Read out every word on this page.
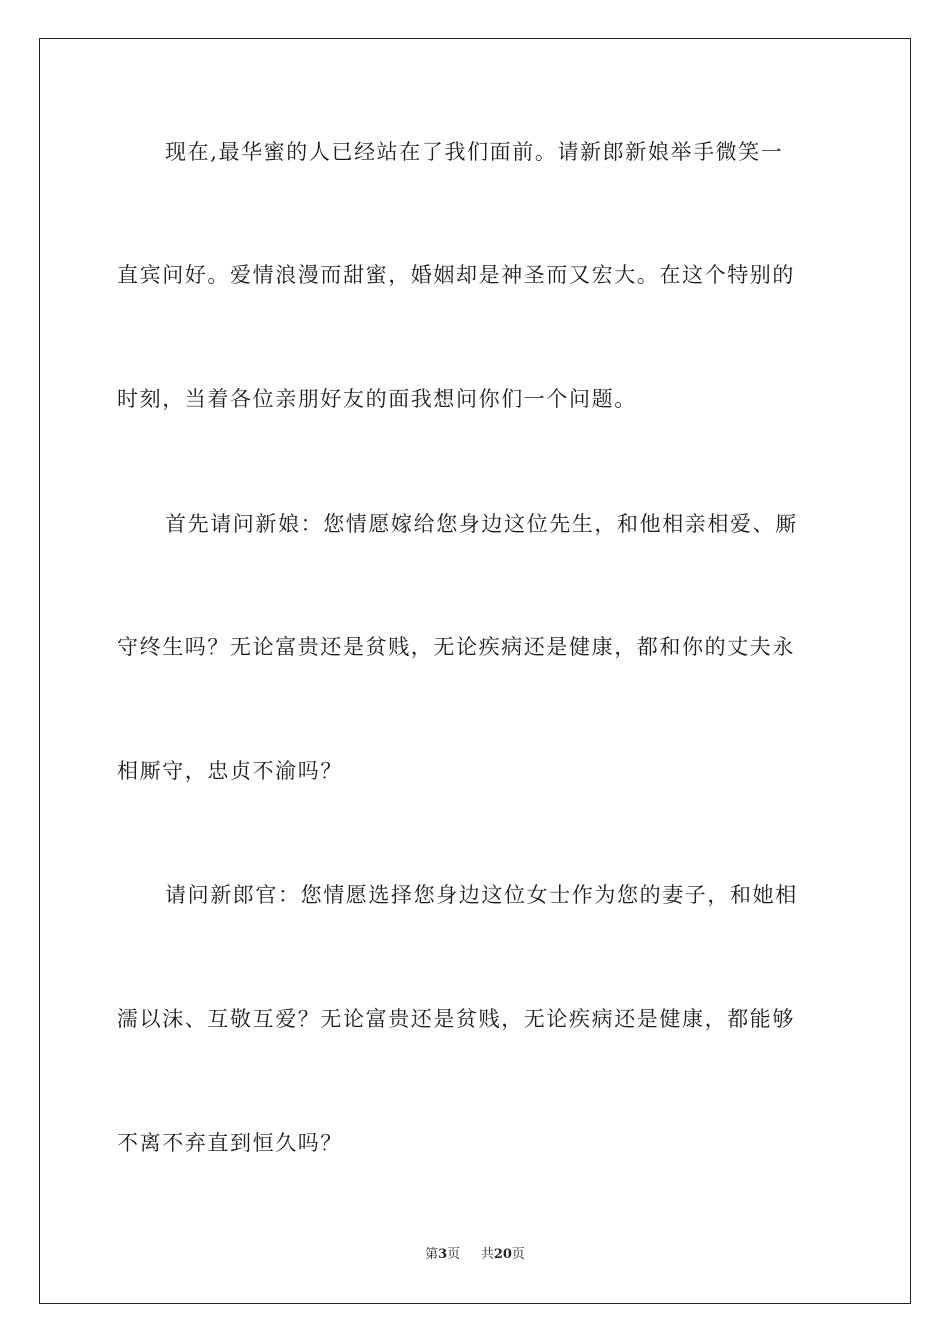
现在,最华蜜的人已经站在了我们面前。请新郎新娘举手微笑一
直宾问好。爱情浪漫而甜蜜，婚姻却是神圣而又宏大。在这个特别的
时刻，当着各位亲朋好友的面我想问你们一个问题。
首先请问新娘：您情愿嫁给您身边这位先生，和他相亲相爱、厮
守终生吗？无论富贵还是贫贱，无论疾病还是健康，都和你的丈夫永
相厮守，忠贞不渝吗？
请问新郎官：您情愿选择您身边这位女士作为您的妻子，和她相
濡以沫、互敬互爱？无论富贵还是贫贱，无论疾病还是健康，都能够
不离不弃直到恒久吗？
第3页 共20页
